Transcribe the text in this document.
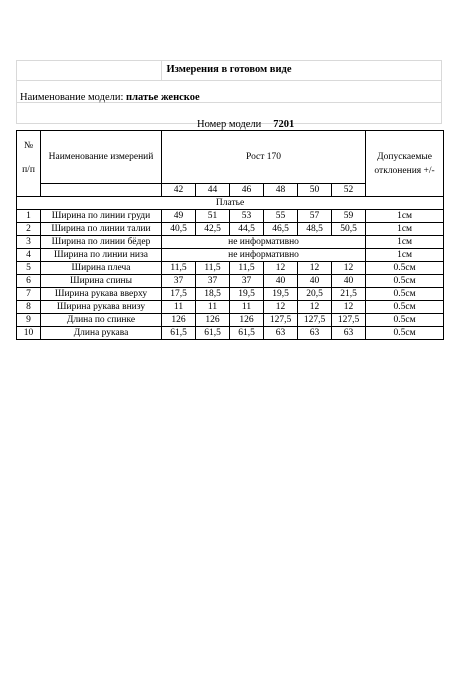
Измерения в готовом виде
Наименование модели: платье женское
Номер модели 7201
№
п/п	Наименование измерений	Рост 170						Допускаемые отклонения +/-
		42	44	46	48	50	52	
Платье								
1	Ширина по линии груди	49	51	53	55	57	59	1см
2	Ширина по линии талии	40,5	42,5	44,5	46,5	48,5	50,5	1см
3	Ширина по линии бёдер	не информативно						1см
4	Ширина по линии низа	не информативно						1см
5	Ширина плеча	11,5	11,5	11,5	12	12	12	0.5см
6	Ширина спины	37	37	37	40	40	40	0.5см
7	Ширина рукава вверху	17,5	18,5	19,5	19,5	20,5	21,5	0.5см
8	Ширина рукава внизу	11	11	11	12	12	12	0.5см
9	Длина по спинке	126	126	126	127,5	127,5	127,5	0.5см
10	Длина рукава	61,5	61,5	61,5	63	63	63	0.5см
